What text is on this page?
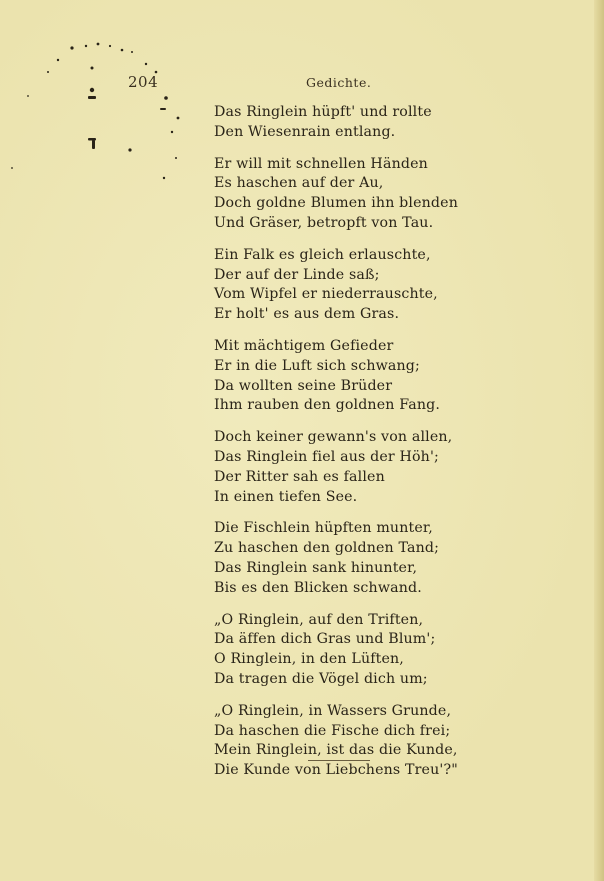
204	Gedichte.
Das Ringlein hüpft' und rollte
Den Wiesenrain entlang.
Er will mit schnellen Händen
Es haschen auf der Au,
Doch goldne Blumen ihn blenden
Und Gräser, betropft von Tau.
Ein Falk es gleich erlauschte,
Der auf der Linde saß;
Vom Wipfel er niederrauschte,
Er holt' es aus dem Gras.
Mit mächtigem Gefieder
Er in die Luft sich schwang;
Da wollten seine Brüder
Ihm rauben den goldnen Fang.
Doch keiner gewann's von allen,
Das Ringlein fiel aus der Höh';
Der Ritter sah es fallen
In einen tiefen See.
Die Fischlein hüpften munter,
Zu haschen den goldnen Tand;
Das Ringlein sank hinunter,
Bis es den Blicken schwand.
„O Ringlein, auf den Triften,
Da äffen dich Gras und Blum';
O Ringlein, in den Lüften,
Da tragen die Vögel dich um;
„O Ringlein, in Wassers Grunde,
Da haschen die Fische dich frei;
Mein Ringlein, ist das die Kunde,
Die Kunde von Liebchens Treu'?"
